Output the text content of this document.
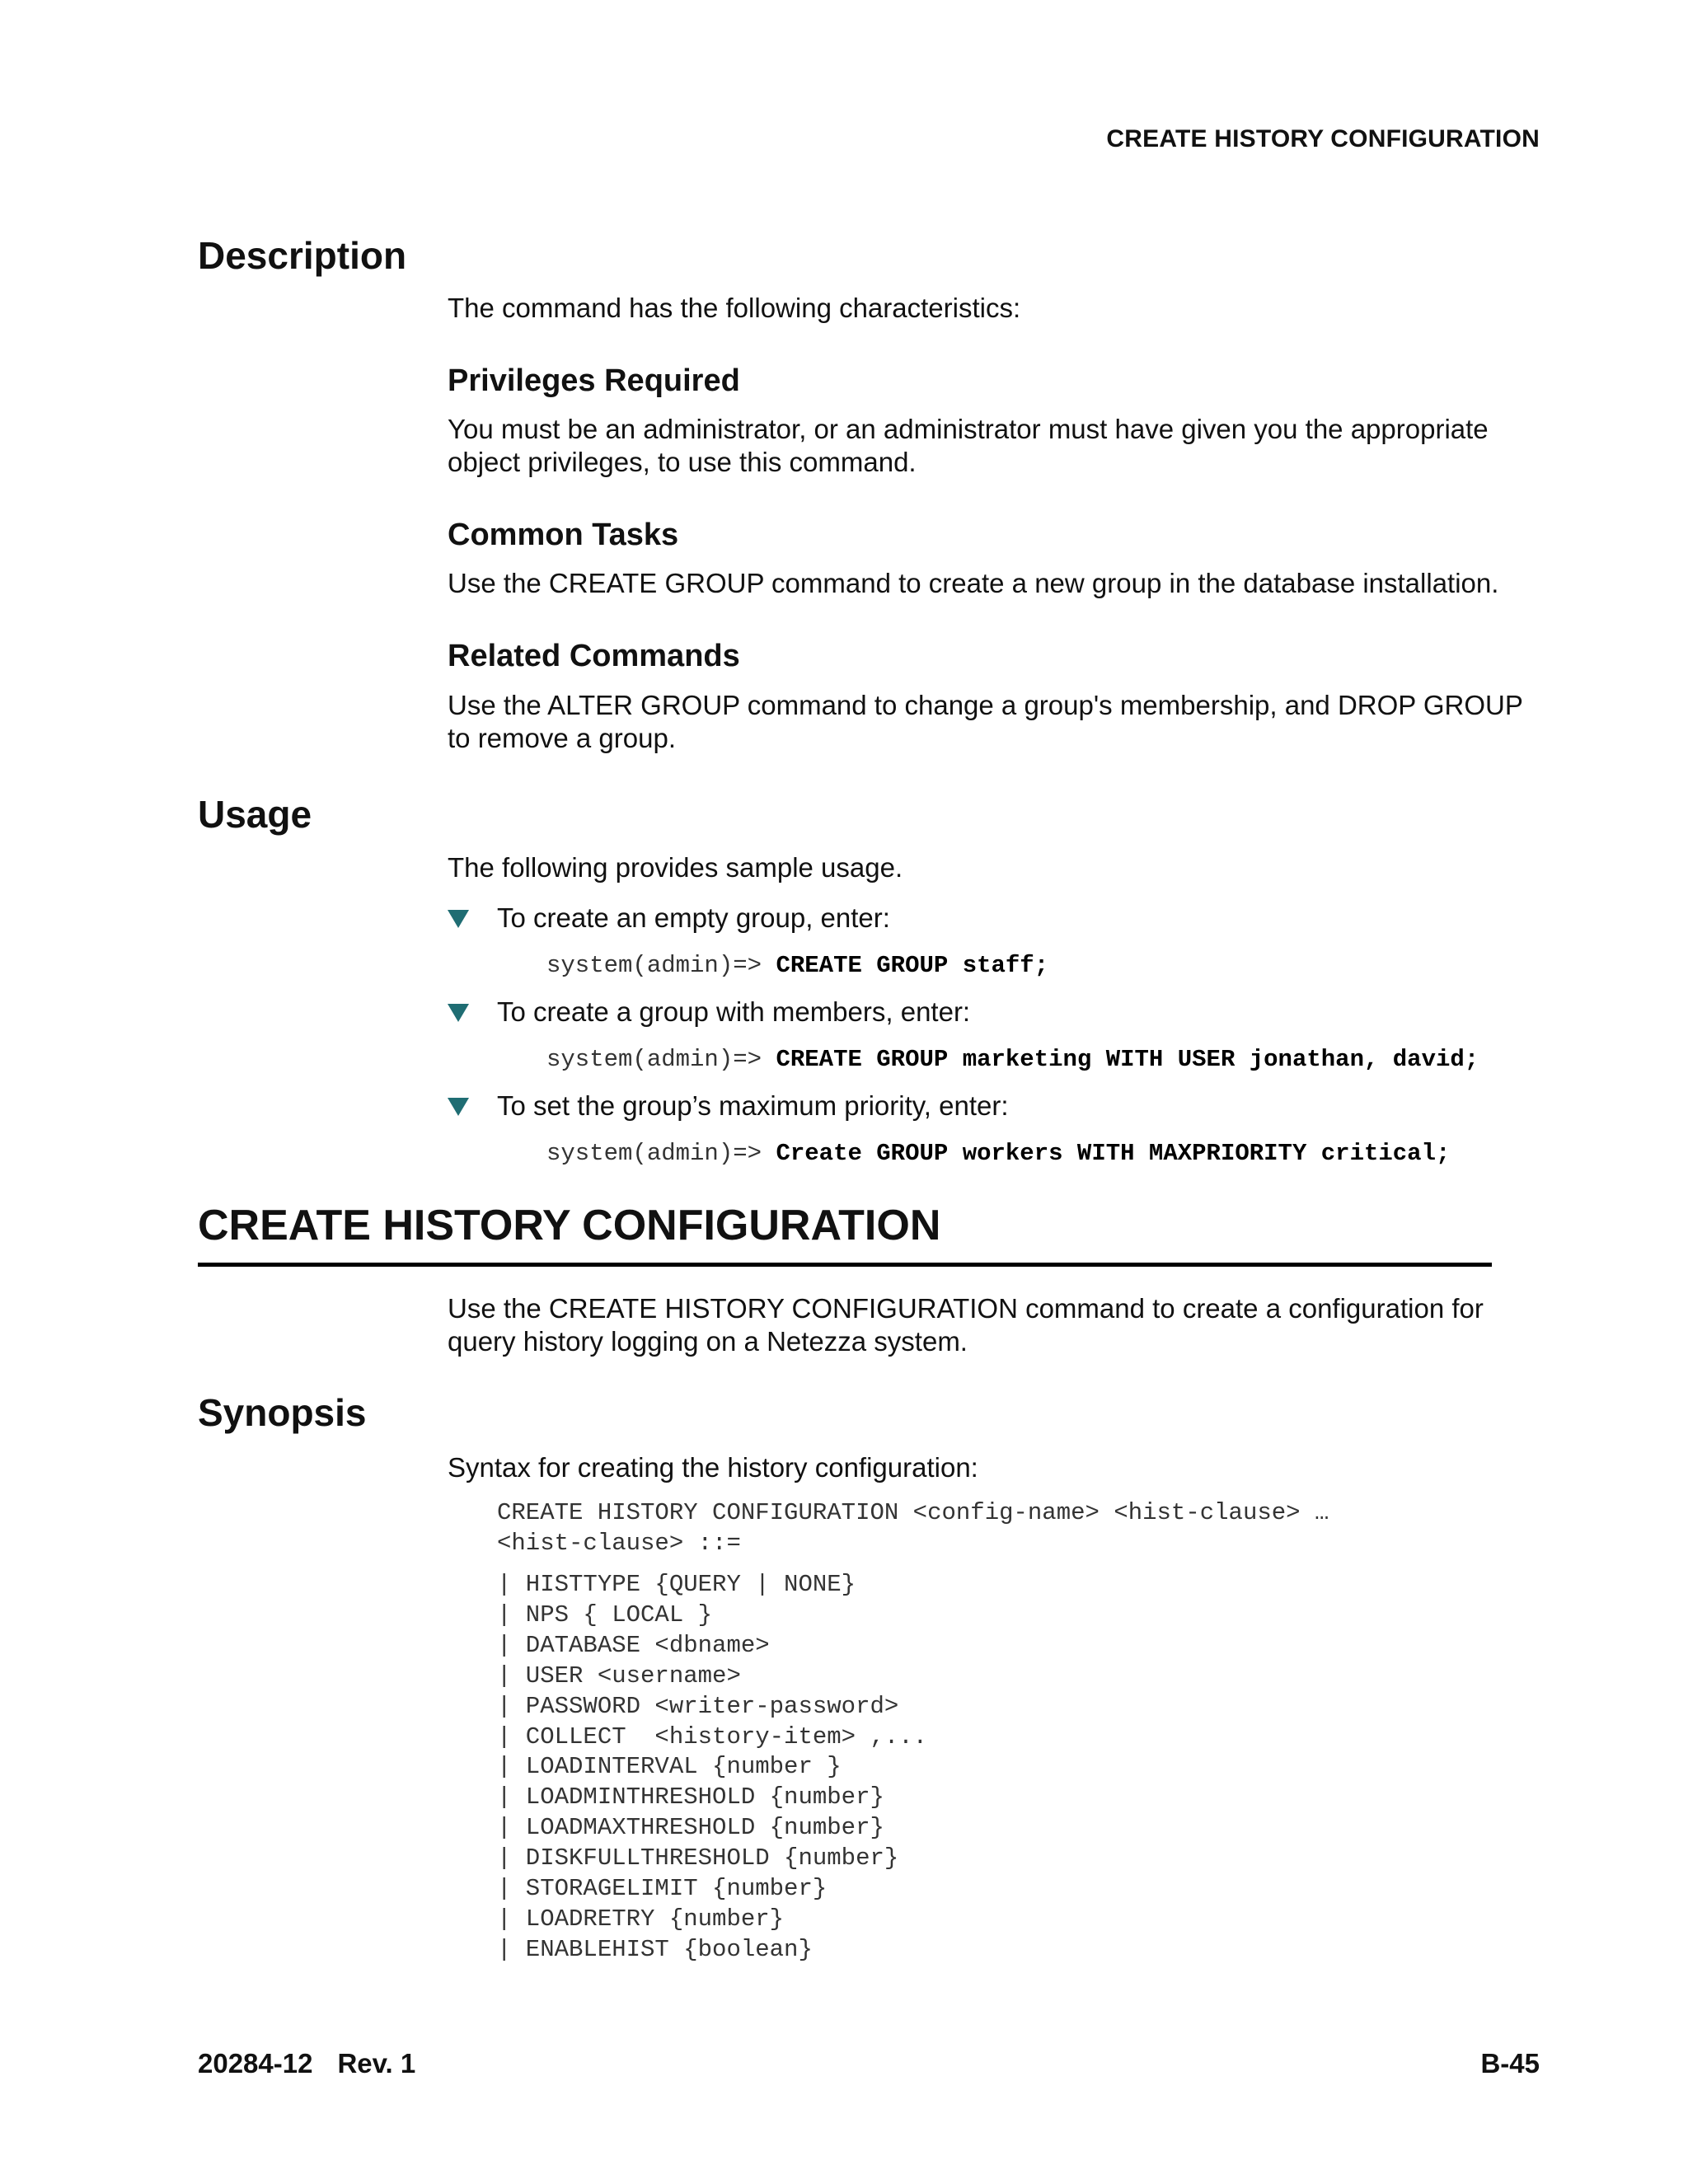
CREATE HISTORY CONFIGURATION
Description

The command has the following characteristics:

Privileges Required

You must be an administrator, or an administrator must have given you the appropriate object privileges, to use this command.

Common Tasks

Use the CREATE GROUP command to create a new group in the database installation.

Related Commands

Use the ALTER GROUP command to change a group's membership, and DROP GROUP to remove a group.

Usage

The following provides sample usage.

To create an empty group, enter:
system(admin)=> CREATE GROUP staff;
To create a group with members, enter:
system(admin)=> CREATE GROUP marketing WITH USER jonathan, david;
To set the group’s maximum priority, enter:
system(admin)=> Create GROUP workers WITH MAXPRIORITY critical;
CREATE HISTORY CONFIGURATION

Use the CREATE HISTORY CONFIGURATION command to create a configuration for query history logging on a Netezza system.

Synopsis

Syntax for creating the history configuration:

CREATE HISTORY CONFIGURATION <config-name> <hist-clause> …
<hist-clause> ::=
| HISTTYPE {QUERY | NONE}
| NPS { LOCAL }
| DATABASE <dbname>
| USER <username>
| PASSWORD <writer-password>
| COLLECT  <history-item> ,...
| LOADINTERVAL {number }
| LOADMINTHRESHOLD {number}
| LOADMAXTHRESHOLD {number}
| DISKFULLTHRESHOLD {number}
| STORAGELIMIT {number}
| LOADRETRY {number}
| ENABLEHIST {boolean}
20284-12 Rev. 1	B-45
